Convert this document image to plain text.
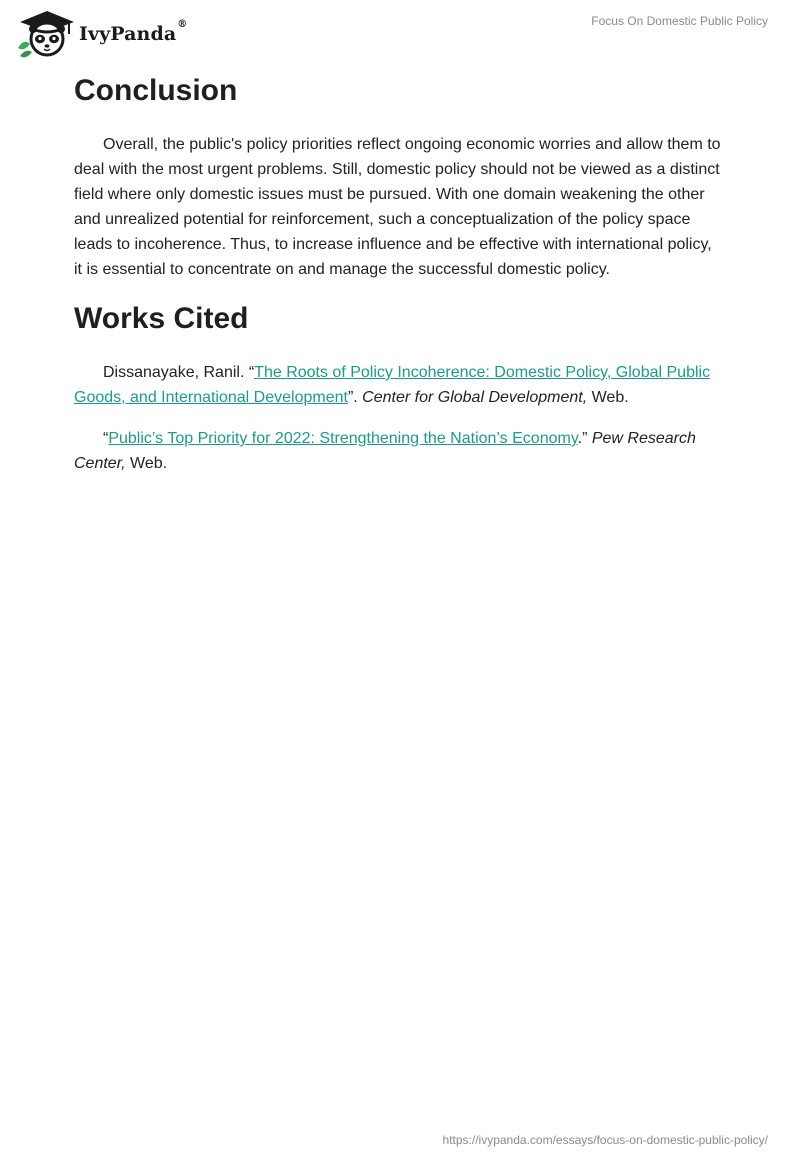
IvyPanda®	Focus On Domestic Public Policy
Conclusion

Overall, the public's policy priorities reflect ongoing economic worries and allow them to deal with the most urgent problems. Still, domestic policy should not be viewed as a distinct field where only domestic issues must be pursued. With one domain weakening the other and unrealized potential for reinforcement, such a conceptualization of the policy space leads to incoherence. Thus, to increase influence and be effective with international policy, it is essential to concentrate on and manage the successful domestic policy.

Works Cited

Dissanayake, Ranil. “The Roots of Policy Incoherence: Domestic Policy, Global Public Goods, and International Development”. Center for Global Development, Web.

“Public’s Top Priority for 2022: Strengthening the Nation’s Economy.” Pew Research Center, Web.

https://ivypanda.com/essays/focus-on-domestic-public-policy/
